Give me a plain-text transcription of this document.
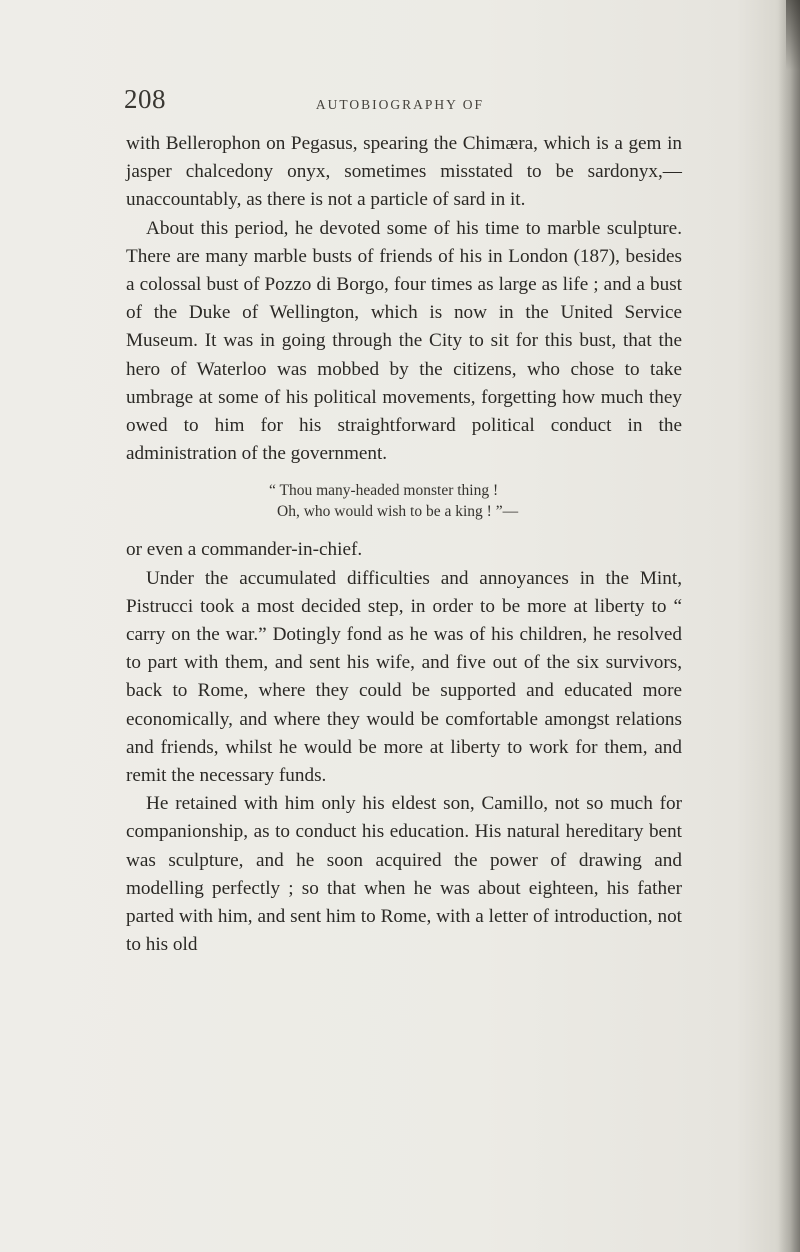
208	AUTOBIOGRAPHY OF

with Bellerophon on Pegasus, spearing the Chimæra, which is a gem in jasper chalcedony onyx, sometimes misstated to be sardonyx,—unaccountably, as there is not a particle of sard in it.

About this period, he devoted some of his time to marble sculpture. There are many marble busts of friends of his in London (187), besides a colossal bust of Pozzo di Borgo, four times as large as life ; and a bust of the Duke of Wellington, which is now in the United Service Museum. It was in going through the City to sit for this bust, that the hero of Waterloo was mobbed by the citizens, who chose to take umbrage at some of his political movements, forgetting how much they owed to him for his straightforward political conduct in the administration of the government.

“ Thou many-headed monster thing !
Oh, who would wish to be a king ! ”—

or even a commander-in-chief.

Under the accumulated difficulties and annoyances in the Mint, Pistrucci took a most decided step, in order to be more at liberty to “ carry on the war.” Dotingly fond as he was of his children, he resolved to part with them, and sent his wife, and five out of the six survivors, back to Rome, where they could be supported and educated more economically, and where they would be comfortable amongst relations and friends, whilst he would be more at liberty to work for them, and remit the necessary funds.

He retained with him only his eldest son, Camillo, not so much for companionship, as to conduct his education. His natural hereditary bent was sculpture, and he soon acquired the power of drawing and modelling perfectly ; so that when he was about eighteen, his father parted with him, and sent him to Rome, with a letter of introduction, not to his old
